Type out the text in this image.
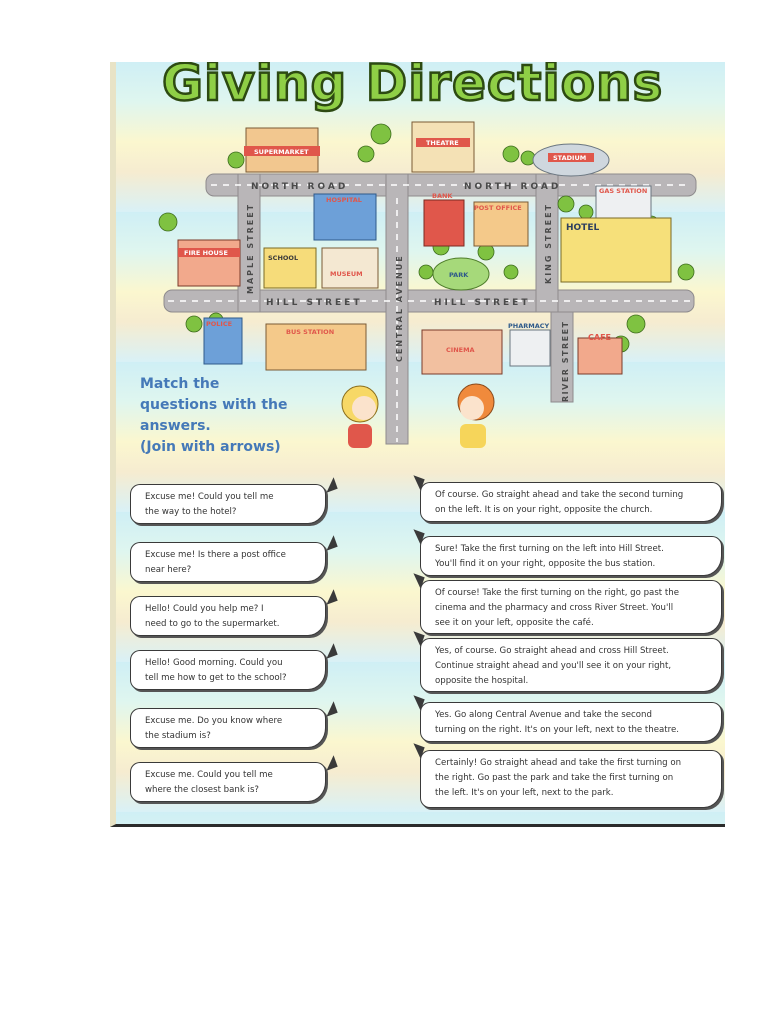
NORTH ROAD	NORTH ROAD
HILL STREET	HILL STREET
MAPLE STREET
CENTRAL AVENUE
KING STREET
RIVER STREET
SUPERMARKET
THEATRE
STADIUM
GAS STATION
FIRE HOUSE
HOSPITAL
SCHOOL
MUSEUM
BANK
POST OFFICE
PARK
HOTEL
POLICE
BUS STATION
CINEMA
PHARMACY
CAFE
Giving Directions
Match the
questions with the
answers.
(Join with arrows)
Excuse me! Could you tell me
the way to the hotel?
Excuse me! Is there a post office
near here?
Hello! Could you help me? I
need to go to the supermarket.
Hello! Good morning. Could you
tell me how to get to the school?
Excuse me. Do you know where
the stadium is?
Excuse me. Could you tell me
where the closest bank is?
Of course. Go straight ahead and take the second turning
on the left. It is on your right, opposite the church.
Sure! Take the first turning on the left into Hill Street.
You'll find it on your right, opposite the bus station.
Of course! Take the first turning on the right, go past the
cinema and the pharmacy and cross River Street. You'll
see it on your left, opposite the café.
Yes, of course. Go straight ahead and cross Hill Street.
Continue straight ahead and you'll see it on your right,
opposite the hospital.
Yes. Go along Central Avenue and take the second
turning on the right. It's on your left, next to the theatre.
Certainly! Go straight ahead and take the first turning on
the right. Go past the park and take the first turning on
the left. It's on your left, next to the park.
